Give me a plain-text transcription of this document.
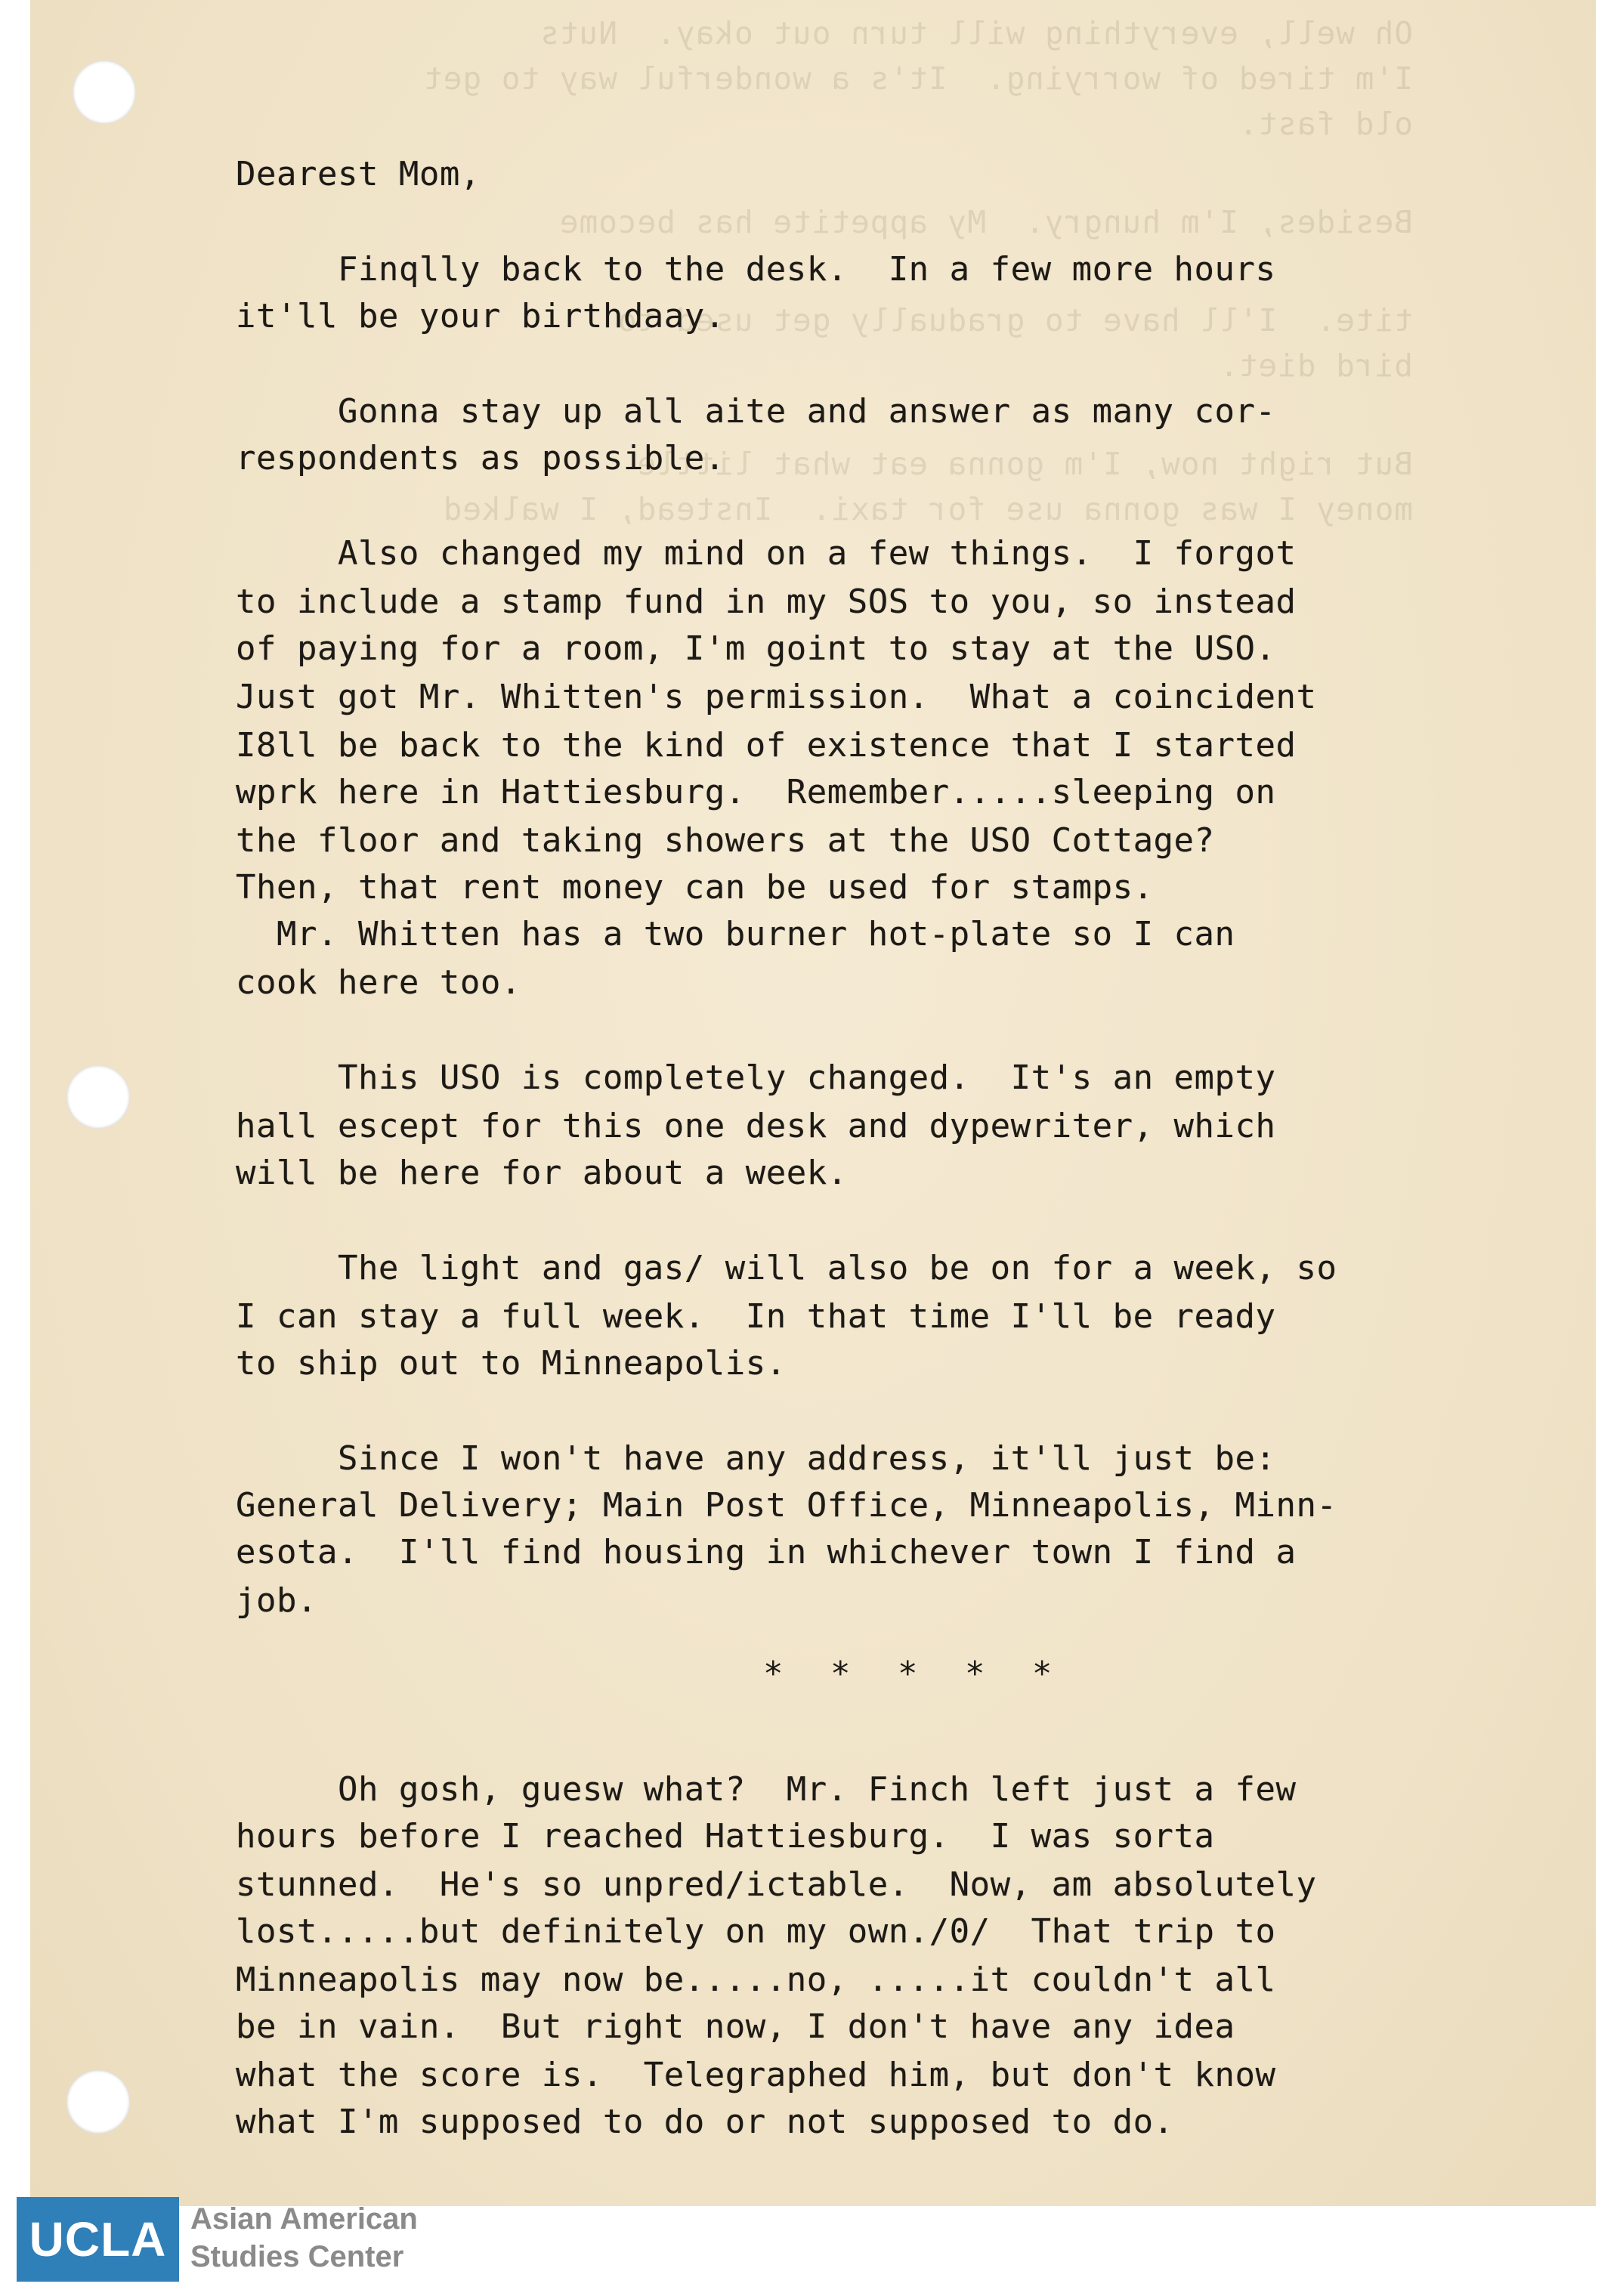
Oh well, everything will turn out okay.  Nuts
I'm tired of worrying.  It's a wonderful way to get
old fast.
Besides, I'm hungry.  My appetite has become
tite.  I'll have to gradually get used to
bird diet.
But right now, I'm gonna eat what little
money I was gonna use for taxi.  Instead, I walked
Dearest Mom,
Finqlly back to the desk.  In a few more hours
it'll be your birthdaay.
Gonna stay up all aite and answer as many cor-
respondents as possible.
Also changed my mind on a few things.  I forgot
to include a stamp fund in my SOS to you, so instead
of paying for a room, I'm goint to stay at the USO.
Just got Mr. Whitten's permission.  What a coincident
I8ll be back to the kind of existence that I started
wprk here in Hattiesburg.  Remember.....sleeping on
the floor and taking showers at the USO Cottage?
Then, that rent money can be used for stamps.
Mr. Whitten has a two burner hot-plate so I can
cook here too.
This USO is completely changed.  It's an empty
hall escept for this one desk and dypewriter, which
will be here for about a week.
The light and gas/ will also be on for a week, so
I can stay a full week.  In that time I'll be ready
to ship out to Minneapolis.
Since I won't have any address, it'll just be:
General Delivery; Main Post Office, Minneapolis, Minn-
esota.  I'll find housing in whichever town I find a
job.
Oh gosh, guesw what?  Mr. Finch left just a few
hours before I reached Hattiesburg.  I was sorta
stunned.  He's so unpred/ictable.  Now, am absolutely
lost.....but definitely on my own./0/  That trip to
Minneapolis may now be.....no, .....it couldn't all
be in vain.  But right now, I don't have any idea
what the score is.  Telegraphed him, but don't know
what I'm supposed to do or not supposed to do.
* * * * *
UCLA Asian American
Studies Center
